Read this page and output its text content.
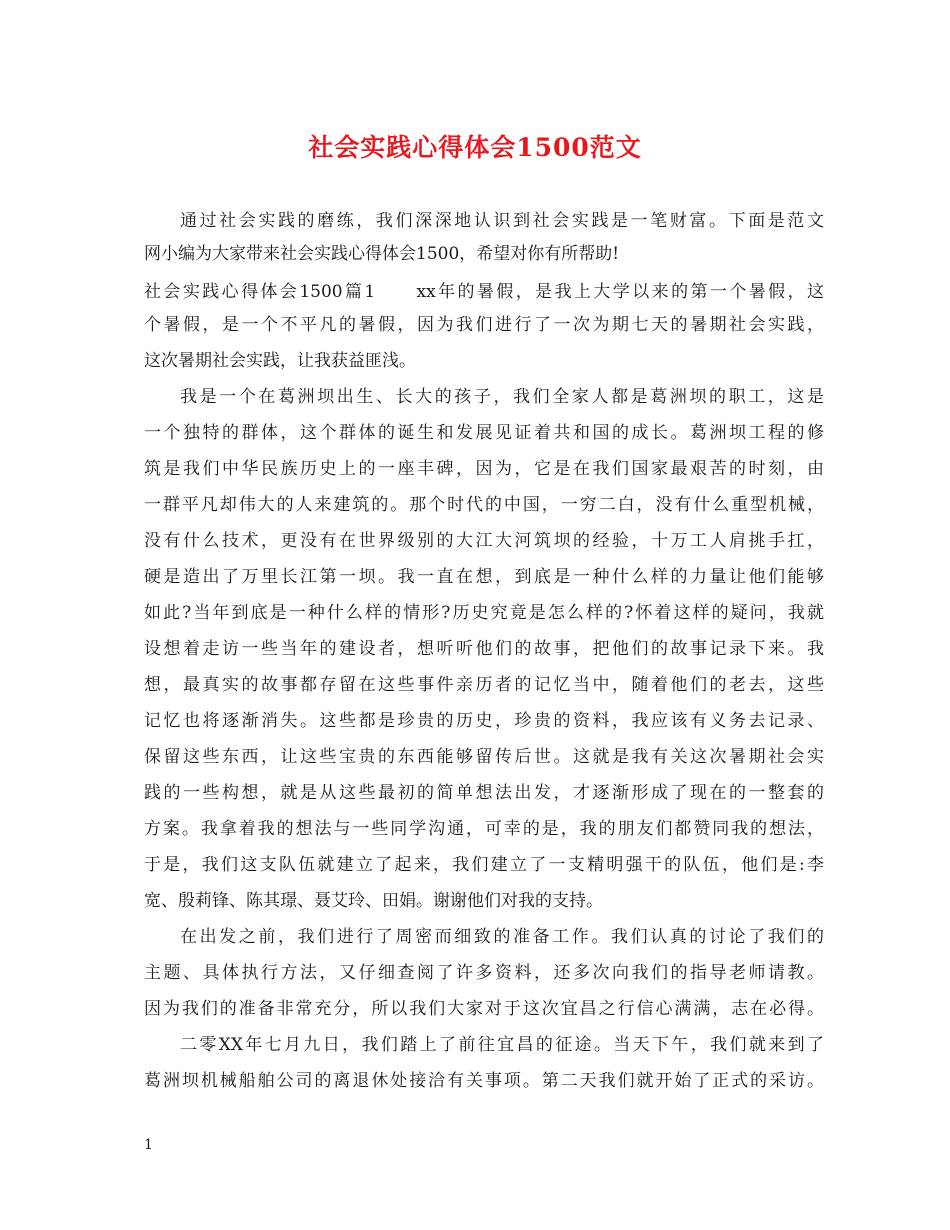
社会实践心得体会1500范文
通过社会实践的磨练，我们深深地认识到社会实践是一笔财富。下面是范文
网小编为大家带来社会实践心得体会1500，希望对你有所帮助!
社会实践心得体会1500篇1　　xx年的暑假，是我上大学以来的第一个暑假，这
个暑假，是一个不平凡的暑假，因为我们进行了一次为期七天的暑期社会实践，
这次暑期社会实践，让我获益匪浅。
我是一个在葛洲坝出生、长大的孩子，我们全家人都是葛洲坝的职工，这是
一个独特的群体，这个群体的诞生和发展见证着共和国的成长。葛洲坝工程的修
筑是我们中华民族历史上的一座丰碑，因为，它是在我们国家最艰苦的时刻，由
一群平凡却伟大的人来建筑的。那个时代的中国，一穷二白，没有什么重型机械，
没有什么技术，更没有在世界级别的大江大河筑坝的经验，十万工人肩挑手扛，
硬是造出了万里长江第一坝。我一直在想，到底是一种什么样的力量让他们能够
如此?当年到底是一种什么样的情形?历史究竟是怎么样的?怀着这样的疑问，我就
设想着走访一些当年的建设者，想听听他们的故事，把他们的故事记录下来。我
想，最真实的故事都存留在这些事件亲历者的记忆当中，随着他们的老去，这些
记忆也将逐渐消失。这些都是珍贵的历史，珍贵的资料，我应该有义务去记录、
保留这些东西，让这些宝贵的东西能够留传后世。这就是我有关这次暑期社会实
践的一些构想，就是从这些最初的简单想法出发，才逐渐形成了现在的一整套的
方案。我拿着我的想法与一些同学沟通，可幸的是，我的朋友们都赞同我的想法，
于是，我们这支队伍就建立了起来，我们建立了一支精明强干的队伍，他们是:李
宽、殷莉锋、陈其璟、聂艾玲、田娟。谢谢他们对我的支持。
在出发之前，我们进行了周密而细致的准备工作。我们认真的讨论了我们的
主题、具体执行方法，又仔细查阅了许多资料，还多次向我们的指导老师请教。
因为我们的准备非常充分，所以我们大家对于这次宜昌之行信心满满，志在必得。
二零XX年七月九日，我们踏上了前往宜昌的征途。当天下午，我们就来到了
葛洲坝机械船舶公司的离退休处接洽有关事项。第二天我们就开始了正式的采访。
1
